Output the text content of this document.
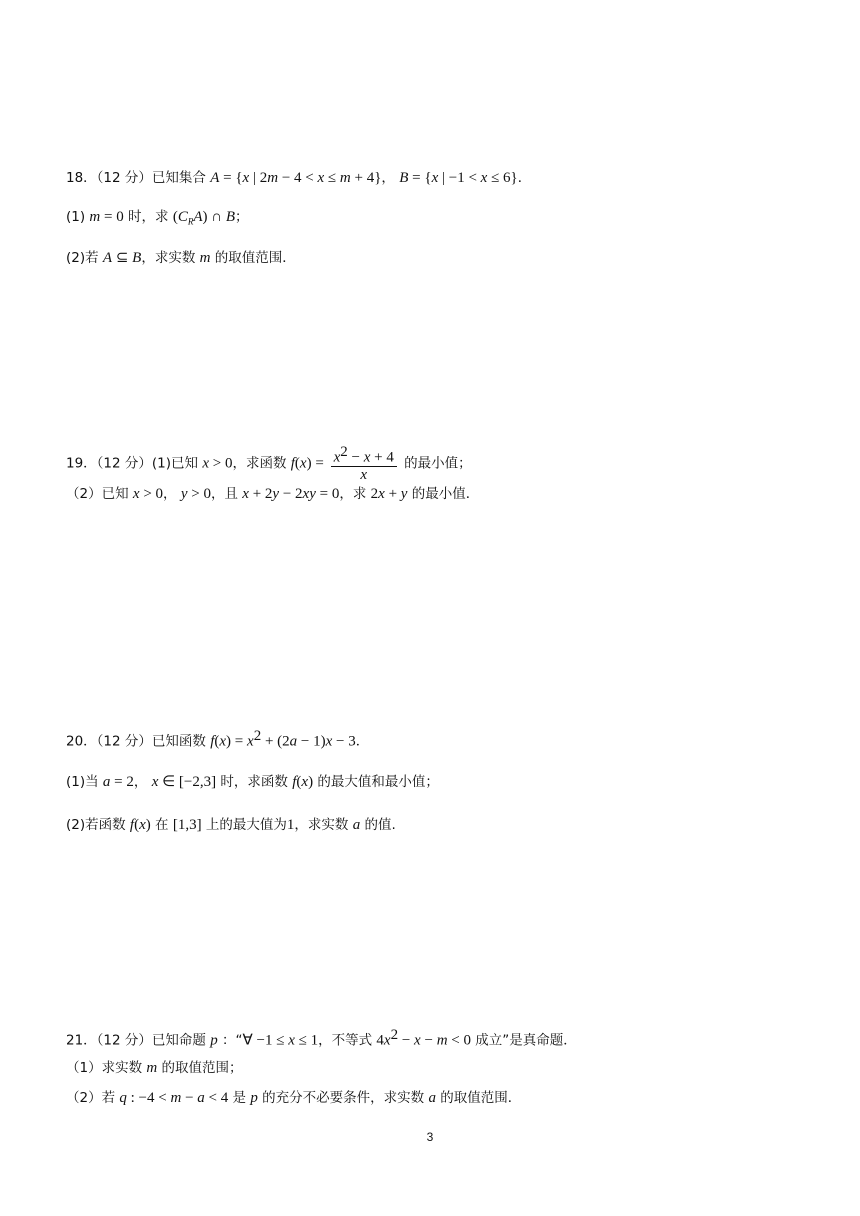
18．（12 分）已知集合 A = {x | 2m − 4 < x ≤ m + 4}， B = {x | −1 < x ≤ 6}．
(1) m = 0 时，求 $(C_RA)$ ∩ B；
(2)若 A ⊆ B，求实数 m 的取值范围．
19．（12 分）(1)已知 x > 0，求函数 $f(x) = \frac{x^2 - x + 4}{x}$ 的最小值；
（2）已知 x > 0， y > 0，且 x + 2y − 2xy = 0，求 2x + y 的最小值．
20．（12 分）已知函数 $f(x) = x^2 + (2a - 1)x - 3$．
(1)当 a = 2， x ∈ [−2,3] 时，求函数 f(x) 的最大值和最小值；
(2)若函数 f(x) 在 [1,3] 上的最大值为1，求实数 a 的值.
21．（12 分）已知命题 p ：“∀ −1 ≤ x ≤ 1，不等式 $4x^2 - x - m < 0$ 成立”是真命题．
（1）求实数 m 的取值范围；
（2）若 q : −4 < m − a < 4 是 p 的充分不必要条件，求实数 a 的取值范围．
3
